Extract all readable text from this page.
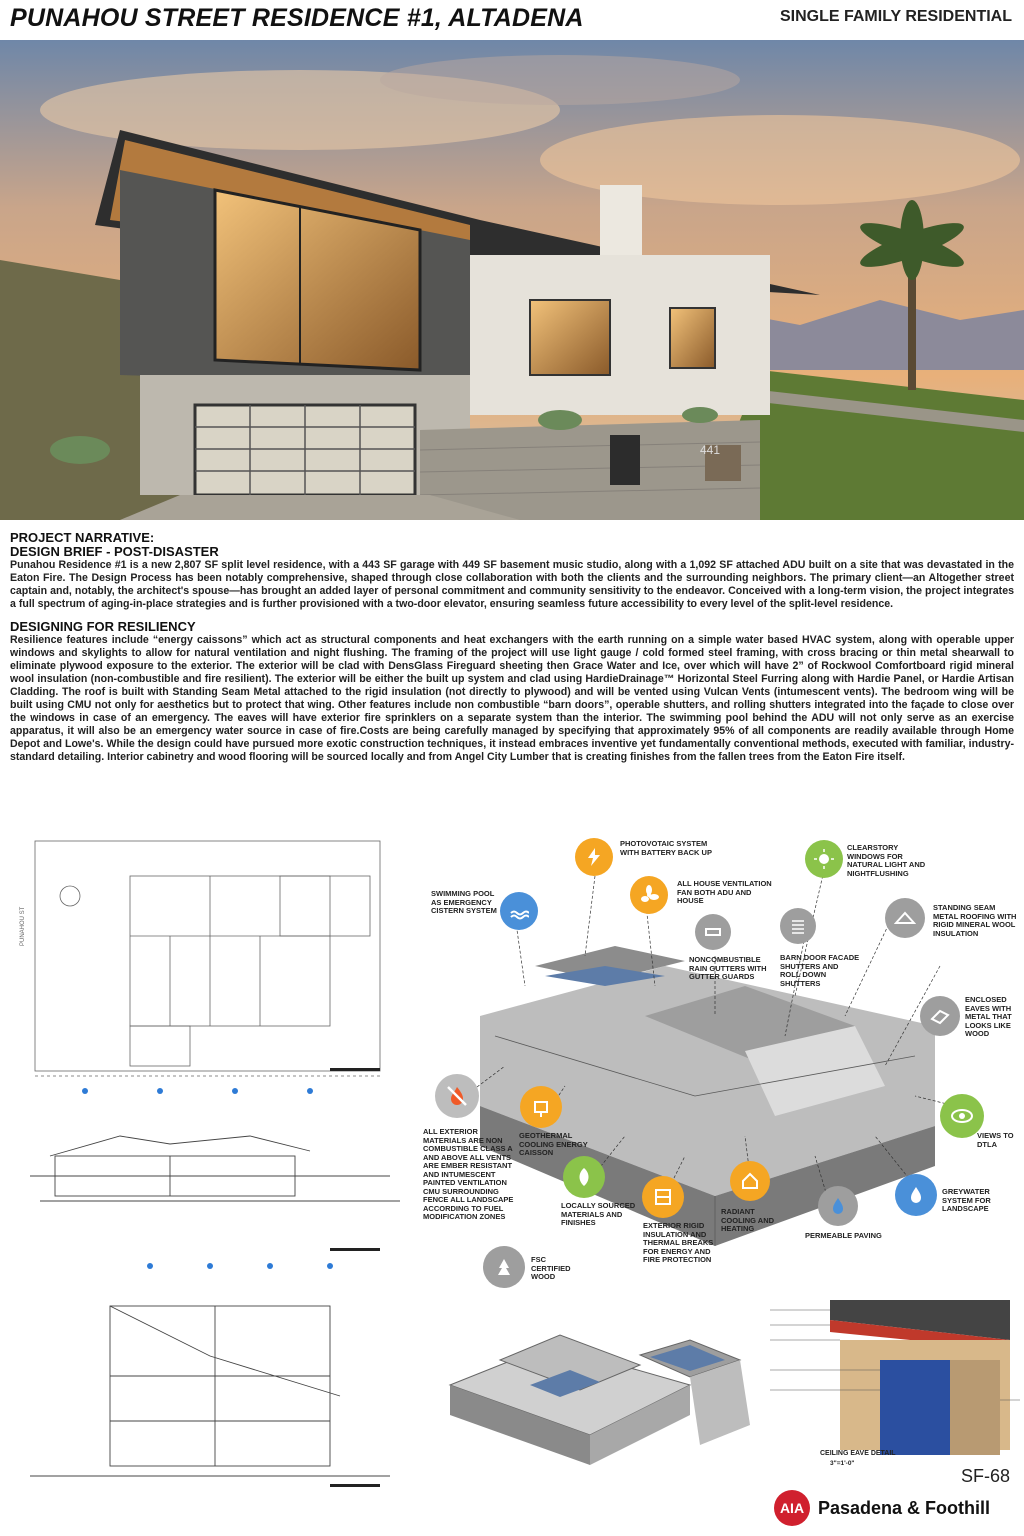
PUNAHOU STREET RESIDENCE #1, ALTADENA	SINGLE FAMILY RESIDENTIAL
441

PROJECT NARRATIVE:

DESIGN BRIEF - POST-DISASTER

Punahou Residence #1 is a new 2,807 SF split level residence, with a 443 SF garage with 449 SF basement music studio, along with a 1,092 SF attached ADU built on a site that was devastated in the Eaton Fire. The Design Process has been notably comprehensive, shaped through close collaboration with both the clients and the surrounding neighbors. The primary client—an Altogether street captain and, notably, the architect's spouse—has brought an added layer of personal commitment and community sensitivity to the endeavor. Conceived with a long-term vision, the project integrates a full spectrum of aging-in-place strategies and is further provisioned with a two-door elevator, ensuring seamless future accessibility to every level of the split-level residence.

DESIGNING FOR RESILIENCY

Resilience features include “energy caissons” which act as structural components and heat exchangers with the earth running on a simple water based HVAC system, along with operable upper windows and skylights to allow for natural ventilation and night flushing. The framing of the project will use light gauge / cold formed steel framing, with cross bracing or thin metal shearwall to eliminate plywood exposure to the exterior. The exterior will be clad with DensGlass Fireguard sheeting then Grace Water and Ice, over which will have 2” of Rockwool Comfortboard rigid mineral wool insulation (non-combustible and fire resilient). The exterior will be either the built up system and clad using HardieDrainage™ Horizontal Steel Furring along with Hardie Panel, or Hardie Artisan Cladding. The roof is built with Standing Seam Metal attached to the rigid insulation (not directly to plywood) and will be vented using Vulcan Vents (intumescent vents). The bedroom wing will be built using CMU not only for aesthetics but to protect that wing. Other features include non combustible “barn doors”, operable shutters, and rolling shutters integrated into the façade to close over the windows in case of an emergency. The eaves will have exterior fire sprinklers on a separate system than the interior. The swimming pool behind the ADU will not only serve as an exercise apparatus, it will also be an emergency water source in case of fire.Costs are being carefully managed by specifying that approximately 95% of all components are readily available through Home Depot and Lowe's. While the design could have pursued more exotic construction techniques, it instead embraces inventive yet fundamentally conventional methods, executed with familiar, industry-standard detailing. Interior cabinetry and wood flooring will be sourced locally and from Angel City Lumber that is creating finishes from the fallen trees from the Eaton Fire itself.

PUNAHOU ST
PHOTOVOTAIC SYSTEM WITH BATTERY BACK UP	CLEARSTORY WINDOWS FOR NATURAL LIGHT AND NIGHTFLUSHING
SWIMMING POOL AS EMERGENCY CISTERN SYSTEM
ALL HOUSE VENTILATION FAN BOTH ADU AND HOUSE
STANDING SEAM METAL ROOFING WITH RIGID MINERAL WOOL INSULATION
NONCOMBUSTIBLE RAIN GUTTERS WITH GUTTER GUARDS
BARN DOOR FACADE SHUTTERS AND ROLL DOWN SHUTTERS
ENCLOSED EAVES WITH METAL THAT LOOKS LIKE WOOD
ALL EXTERIOR MATERIALS ARE NON COMBUSTIBLE CLASS A AND ABOVE ALL VENTS ARE EMBER RESISTANT AND INTUMESCENT PAINTED VENTILATION CMU SURROUNDING FENCE ALL LANDSCAPE ACCORDING TO FUEL MODIFICATION ZONES
GEOTHERMAL COOLING ENERGY CAISSON
VIEWS TO DTLA
LOCALLY SOURCED MATERIALS AND FINISHES	EXTERIOR RIGID INSULATION AND THERMAL BREAKS FOR ENERGY AND FIRE PROTECTION
RADIANT COOLING AND HEATING
PERMEABLE PAVING
GREYWATER SYSTEM FOR LANDSCAPE
FSC CERTIFIED WOOD
CEILING EAVE DETAIL
3"=1'-0"
SF-68
AIA Pasadena & Foothill
